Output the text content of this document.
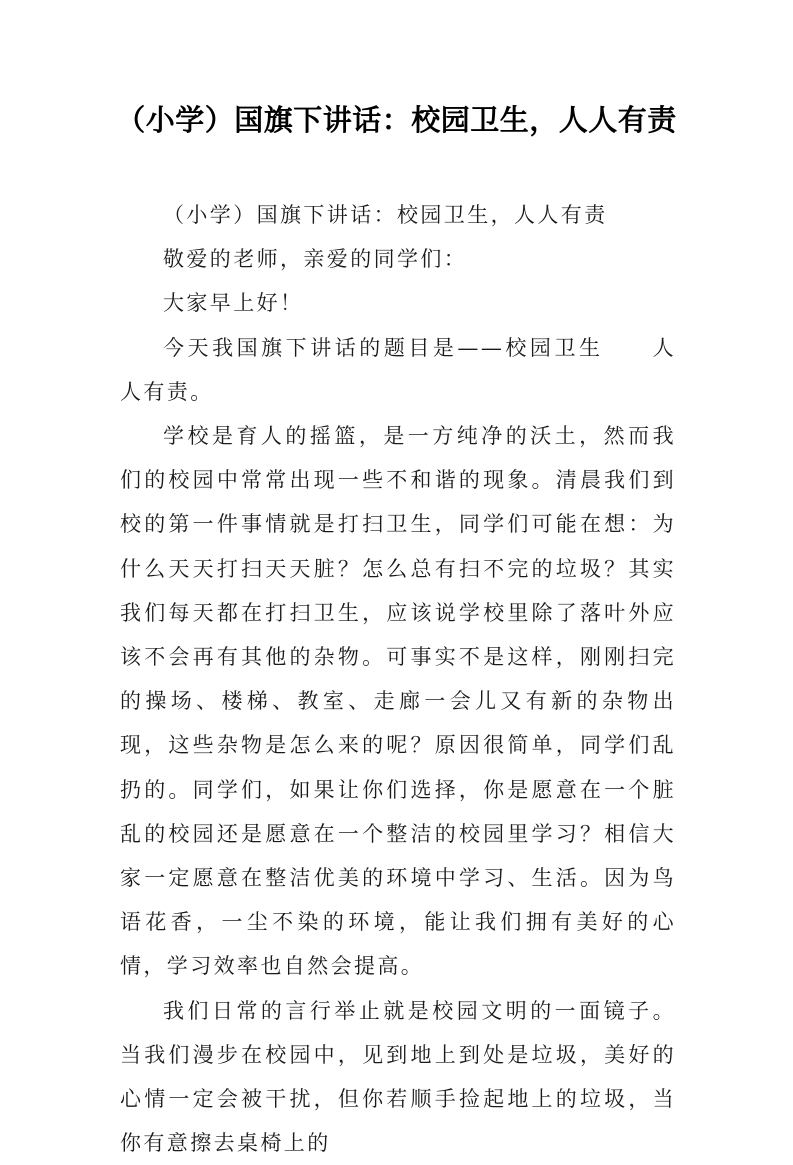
（小学）国旗下讲话：校园卫生，人人有责

（小学）国旗下讲话：校园卫生，人人有责

敬爱的老师，亲爱的同学们：

大家早上好！

今天我国旗下讲话的题目是——校园卫生　　人人有责。

学校是育人的摇篮，是一方纯净的沃土，然而我们的校园中常常出现一些不和谐的现象。清晨我们到校的第一件事情就是打扫卫生，同学们可能在想：为什么天天打扫天天脏？怎么总有扫不完的垃圾？其实我们每天都在打扫卫生，应该说学校里除了落叶外应该不会再有其他的杂物。可事实不是这样，刚刚扫完的操场、楼梯、教室、走廊一会儿又有新的杂物出现，这些杂物是怎么来的呢？原因很简单，同学们乱扔的。同学们，如果让你们选择，你是愿意在一个脏乱的校园还是愿意在一个整洁的校园里学习？相信大家一定愿意在整洁优美的环境中学习、生活。因为鸟语花香，一尘不染的环境，能让我们拥有美好的心情，学习效率也自然会提高。

我们日常的言行举止就是校园文明的一面镜子。当我们漫步在校园中，见到地上到处是垃圾，美好的心情一定会被干扰，但你若顺手捡起地上的垃圾，当你有意擦去桌椅上的
